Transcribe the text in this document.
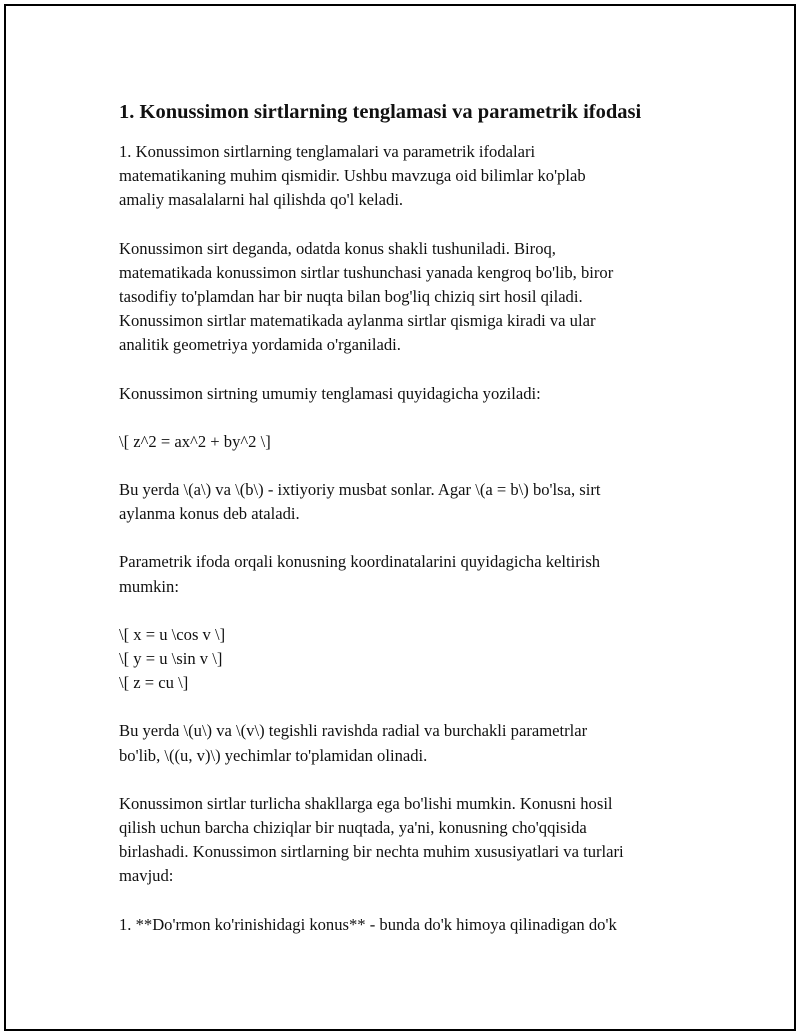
1. Konussimon sirtlarning tenglamasi va parametrik ifodasi

1. Konussimon sirtlarning tenglamalari va parametrik ifodalari
matematikaning muhim qismidir. Ushbu mavzuga oid bilimlar ko'plab
amaliy masalalarni hal qilishda qo'l keladi.

Konussimon sirt deganda, odatda konus shakli tushuniladi. Biroq,
matematikada konussimon sirtlar tushunchasi yanada kengroq bo'lib, biror
tasodifiy to'plamdan har bir nuqta bilan bog'liq chiziq sirt hosil qiladi.
Konussimon sirtlar matematikada aylanma sirtlar qismiga kiradi va ular
analitik geometriya yordamida o'rganiladi.

Konussimon sirtning umumiy tenglamasi quyidagicha yoziladi:

\[ z^2 = ax^2 + by^2 \]

Bu yerda \(a\) va \(b\) - ixtiyoriy musbat sonlar. Agar \(a = b\) bo'lsa, sirt
aylanma konus deb ataladi.

Parametrik ifoda orqali konusning koordinatalarini quyidagicha keltirish
mumkin:

\[ x = u \cos v \]

\[ y = u \sin v \]

\[ z = cu \]

Bu yerda \(u\) va \(v\) tegishli ravishda radial va burchakli parametrlar
bo'lib, \((u, v)\) yechimlar to'plamidan olinadi.

Konussimon sirtlar turlicha shakllarga ega bo'lishi mumkin. Konusni hosil
qilish uchun barcha chiziqlar bir nuqtada, ya'ni, konusning cho'qqisida
birlashadi. Konussimon sirtlarning bir nechta muhim xususiyatlari va turlari
mavjud:

1. **Do'rmon ko'rinishidagi konus** - bunda do'k himoya qilinadigan do'k
